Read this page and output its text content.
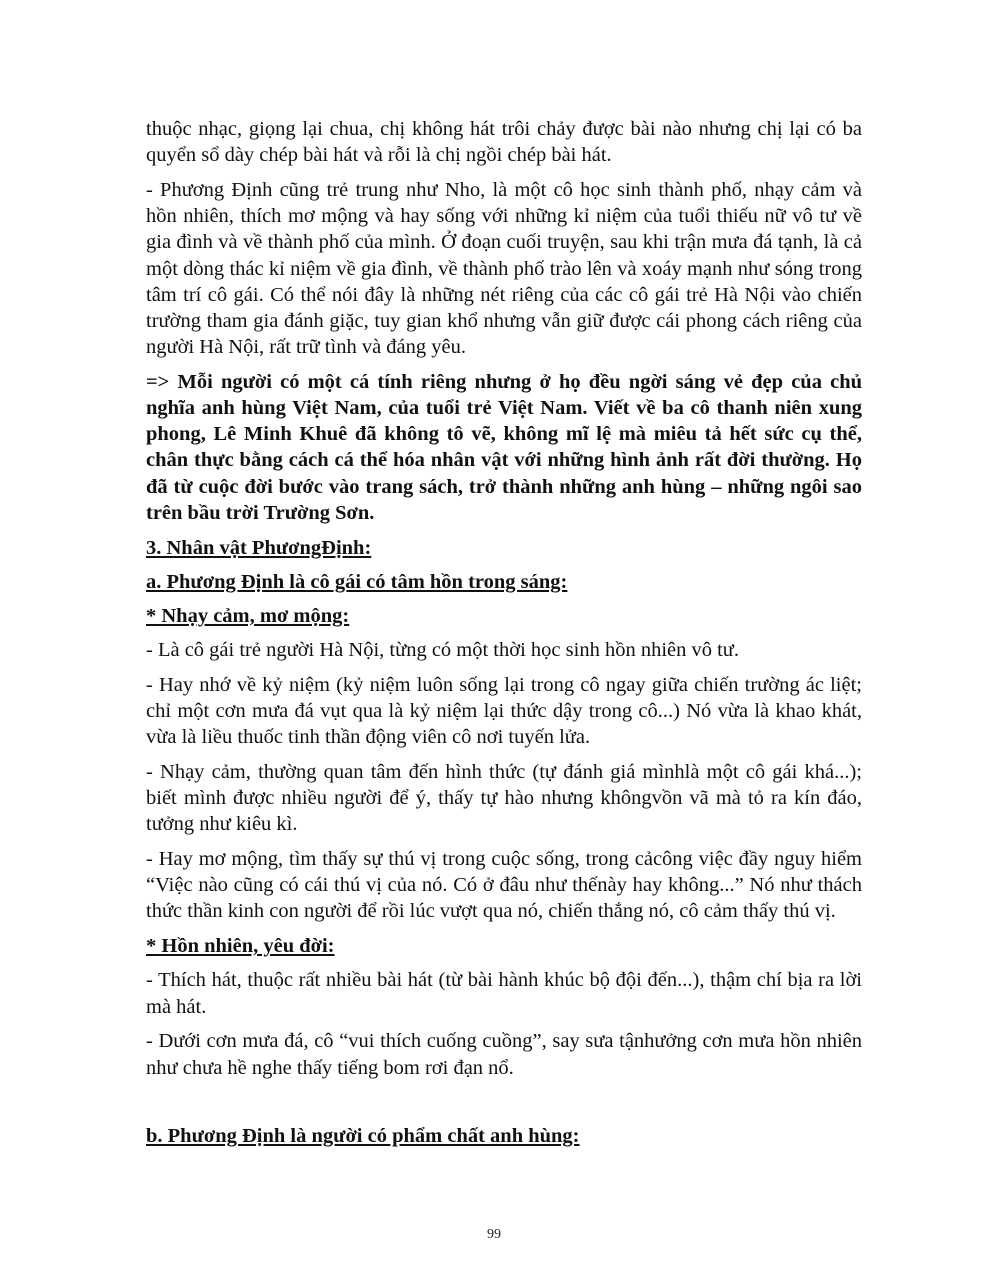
thuộc nhạc, giọng lại chua, chị không hát trôi chảy được bài nào nhưng chị lại có ba quyển sổ dày chép bài hát và rỗi là chị ngồi chép bài hát.

- Phương Định cũng trẻ trung như Nho, là một cô học sinh thành phố, nhạy cảm và hồn nhiên, thích mơ mộng và hay sống với những kỉ niệm của tuổi thiếu nữ vô tư về gia đình và về thành phố của mình. Ở đoạn cuối truyện, sau khi trận mưa đá tạnh, là cả một dòng thác kỉ niệm về gia đình, về thành phố trào lên và xoáy mạnh như sóng trong tâm trí cô gái. Có thể nói đây là những nét riêng của các cô gái trẻ Hà Nội vào chiến trường tham gia đánh giặc, tuy gian khổ nhưng vẫn giữ được cái phong cách riêng của người Hà Nội, rất trữ tình và đáng yêu.

=> Mỗi người có một cá tính riêng nhưng ở họ đều ngời sáng vẻ đẹp của chủ nghĩa anh hùng Việt Nam, của tuổi trẻ Việt Nam. Viết về ba cô thanh niên xung phong, Lê Minh Khuê đã không tô vẽ, không mĩ lệ mà miêu tả hết sức cụ thể, chân thực bằng cách cá thể hóa nhân vật với những hình ảnh rất đời thường. Họ đã từ cuộc đời bước vào trang sách, trở thành những anh hùng – những ngôi sao trên bầu trời Trường Sơn.

3. Nhân vật PhươngĐịnh:

a. Phương Định là cô gái có tâm hồn trong sáng:

* Nhạy cảm, mơ mộng:

- Là cô gái trẻ người Hà Nội, từng có một thời học sinh hồn nhiên vô tư.

- Hay nhớ về kỷ niệm (kỷ niệm luôn sống lại trong cô ngay giữa chiến trường ác liệt; chỉ một cơn mưa đá vụt qua là kỷ niệm lại thức dậy trong cô...) Nó vừa là khao khát, vừa là liều thuốc tinh thần động viên cô nơi tuyến lửa.

- Nhạy cảm, thường quan tâm đến hình thức (tự đánh giá mìnhlà một cô gái khá...); biết mình được nhiều người để ý, thấy tự hào nhưng khôngvồn vã mà tỏ ra kín đáo, tưởng như kiêu kì.

- Hay mơ mộng, tìm thấy sự thú vị trong cuộc sống, trong cảcông việc đầy nguy hiểm “Việc nào cũng có cái thú vị của nó. Có ở đâu như thếnày hay không...” Nó như thách thức thần kinh con người để rồi lúc vượt qua nó, chiến thắng nó, cô cảm thấy thú vị.

* Hồn nhiên, yêu đời:

- Thích hát, thuộc rất nhiều bài hát (từ bài hành khúc bộ đội đến...), thậm chí bịa ra lời mà hát.

- Dưới cơn mưa đá, cô “vui thích cuống cuồng”, say sưa tậnhưởng cơn mưa hồn nhiên như chưa hề nghe thấy tiếng bom rơi đạn nổ.

b. Phương Định là người có phẩm chất anh hùng:

99
